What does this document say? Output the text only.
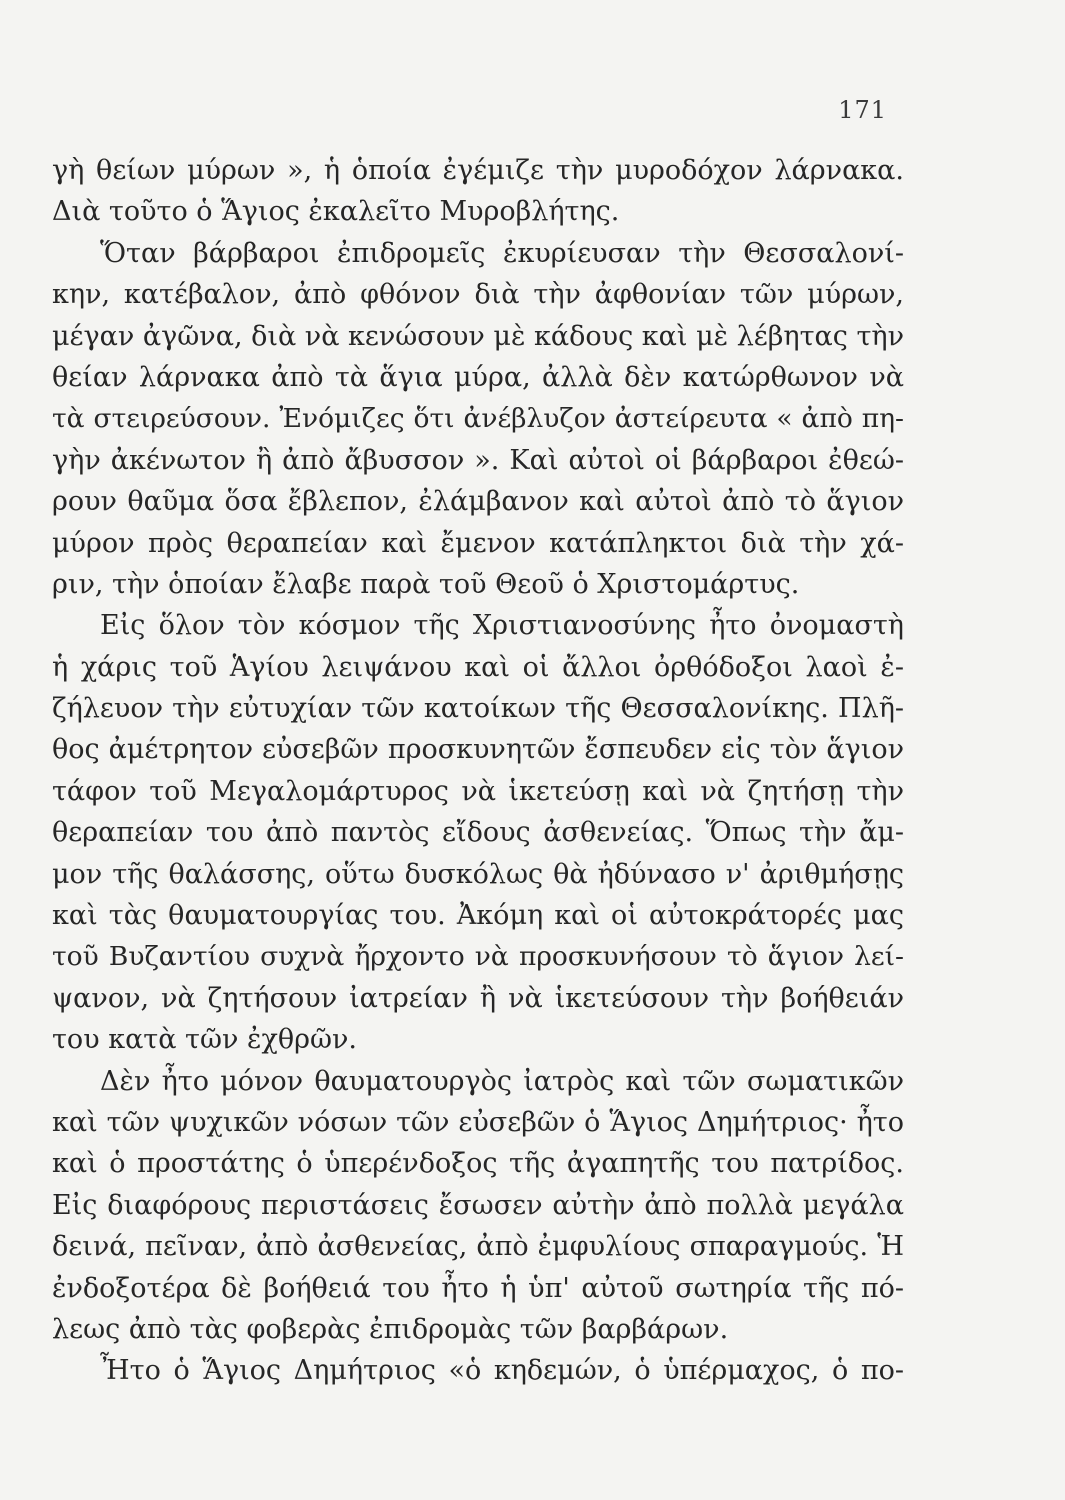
171
γὴ θείων μύρων », ἡ ὁποία ἐγέμιζε τὴν μυροδόχον λάρνακα.
Διὰ τοῦτο ὁ Ἅγιος ἐκαλεῖτο Μυροβλήτης.
Ὅταν βάρβαροι ἐπιδρομεῖς ἐκυρίευσαν τὴν Θεσσαλονί-
κην, κατέβαλον, ἀπὸ φθόνον διὰ τὴν ἀφθονίαν τῶν μύρων,
μέγαν ἀγῶνα, διὰ νὰ κενώσουν μὲ κάδους καὶ μὲ λέβητας τὴν
θείαν λάρνακα ἀπὸ τὰ ἅγια μύρα, ἀλλὰ δὲν κατώρθωνον νὰ
τὰ στειρεύσουν. Ἐνόμιζες ὅτι ἀνέβλυζον ἀστείρευτα « ἀπὸ πη-
γὴν ἀκένωτον ἢ ἀπὸ ἄβυσσον ». Καὶ αὐτοὶ οἱ βάρβαροι ἐθεώ-
ρουν θαῦμα ὅσα ἔβλεπον, ἐλάμβανον καὶ αὐτοὶ ἀπὸ τὸ ἅγιον
μύρον πρὸς θεραπείαν καὶ ἔμενον κατάπληκτοι διὰ τὴν χά-
ριν, τὴν ὁποίαν ἔλαβε παρὰ τοῦ Θεοῦ ὁ Χριστομάρτυς.
Εἰς ὅλον τὸν κόσμον τῆς Χριστιανοσύνης ἦτο ὀνομαστὴ
ἡ χάρις τοῦ Ἁγίου λειψάνου καὶ οἱ ἄλλοι ὀρθόδοξοι λαοὶ ἐ-
ζήλευον τὴν εὐτυχίαν τῶν κατοίκων τῆς Θεσσαλονίκης. Πλῆ-
θος ἀμέτρητον εὐσεβῶν προσκυνητῶν ἔσπευδεν εἰς τὸν ἅγιον
τάφον τοῦ Μεγαλομάρτυρος νὰ ἱκετεύσῃ καὶ νὰ ζητήσῃ τὴν
θεραπείαν του ἀπὸ παντὸς εἴδους ἀσθενείας. Ὅπως τὴν ἄμ-
μον τῆς θαλάσσης, οὕτω δυσκόλως θὰ ἠδύνασο ν' ἀριθμήσῃς
καὶ τὰς θαυματουργίας του. Ἀκόμη καὶ οἱ αὐτοκράτορές μας
τοῦ Βυζαντίου συχνὰ ἤρχοντο νὰ προσκυνήσουν τὸ ἅγιον λεί-
ψανον, νὰ ζητήσουν ἰατρείαν ἢ νὰ ἱκετεύσουν τὴν βοήθειάν
του κατὰ τῶν ἐχθρῶν.
Δὲν ἦτο μόνον θαυματουργὸς ἰατρὸς καὶ τῶν σωματικῶν
καὶ τῶν ψυχικῶν νόσων τῶν εὐσεβῶν ὁ Ἅγιος Δημήτριος· ἦτο
καὶ ὁ προστάτης ὁ ὑπερένδοξος τῆς ἀγαπητῆς του πατρίδος.
Εἰς διαφόρους περιστάσεις ἔσωσεν αὐτὴν ἀπὸ πολλὰ μεγάλα
δεινά, πεῖναν, ἀπὸ ἀσθενείας, ἀπὸ ἐμφυλίους σπαραγμούς. Ἡ
ἐνδοξοτέρα δὲ βοήθειά του ἦτο ἡ ὑπ' αὐτοῦ σωτηρία τῆς πό-
λεως ἀπὸ τὰς φοβερὰς ἐπιδρομὰς τῶν βαρβάρων.
Ἦτο ὁ Ἅγιος Δημήτριος «ὁ κηδεμών, ὁ ὑπέρμαχος, ὁ πο-
